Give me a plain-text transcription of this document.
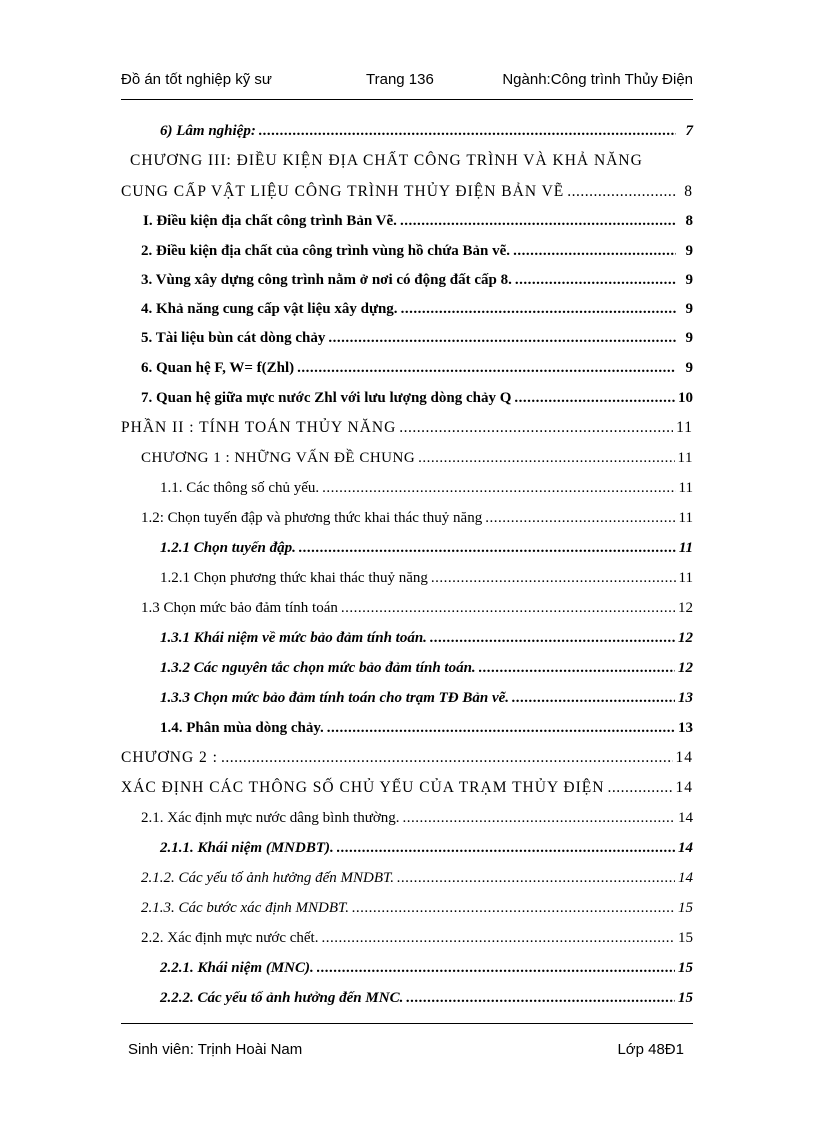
Đồ án tốt nghiệp kỹ sư	Trang 136	Ngành:Công trình Thủy Điện
6) Lâm nghiệp: .....	7
CHƯƠNG III: ĐIỀU KIỆN ĐỊA CHẤT CÔNG TRÌNH VÀ KHẢ NĂNG
CUNG CẤP VẬT LIỆU CÔNG TRÌNH THỦY ĐIỆN BẢN VẼ .....	8
I. Điều kiện địa chất công trình Bản Vẽ. .....	8
2. Điều kiện địa chất của công trình vùng hồ chứa Bản vẽ. .....	9
3. Vùng xây dựng công trình nằm ở nơi có động đất cấp 8. .....	9
4. Khả năng cung cấp vật liệu xây dựng. .....	9
5. Tài liệu bùn cát dòng chảy .....	9
6. Quan hệ F, W= f(Zhl) .....	9
7. Quan hệ giữa mực nước Zhl với lưu lượng dòng chảy Q .....	10
PHẦN II : TÍNH TOÁN THỦY NĂNG .....	11
CHƯƠNG 1 : NHỮNG VẤN ĐỀ CHUNG .....	11
1.1. Các thông số chủ yếu. .....	11
1.2: Chọn tuyến đập và phương thức khai thác thuỷ năng .....	11
1.2.1 Chọn tuyến đập. .....	11
1.2.1 Chọn phương thức khai thác thuỷ năng .....	11
1.3 Chọn mức bảo đảm tính toán .....	12
1.3.1 Khái niệm về mức bảo đảm tính toán. .....	12
1.3.2 Các nguyên tắc chọn mức bảo đảm tính toán. .....	12
1.3.3 Chọn mức bảo đảm tính toán cho trạm TĐ Bản vẽ. .....	13
1.4. Phân mùa dòng chảy. .....	13
CHƯƠNG 2 : .....	14
XÁC ĐỊNH CÁC THÔNG SỐ CHỦ YẾU CỦA TRẠM THỦY ĐIỆN .....	14
2.1. Xác định mực nước dâng bình thường. .....	14
2.1.1. Khái niệm (MNDBT). .....	14
2.1.2. Các yếu tố ảnh hưởng đến MNDBT. .....	14
2.1.3. Các bước xác định MNDBT. .....	15
2.2. Xác định mực nước chết. .....	15
2.2.1. Khái niệm (MNC). .....	15
2.2.2. Các yếu tố ảnh hưởng đến MNC. .....	15
Sinh viên: Trịnh Hoài Nam	Lớp 48Đ1
